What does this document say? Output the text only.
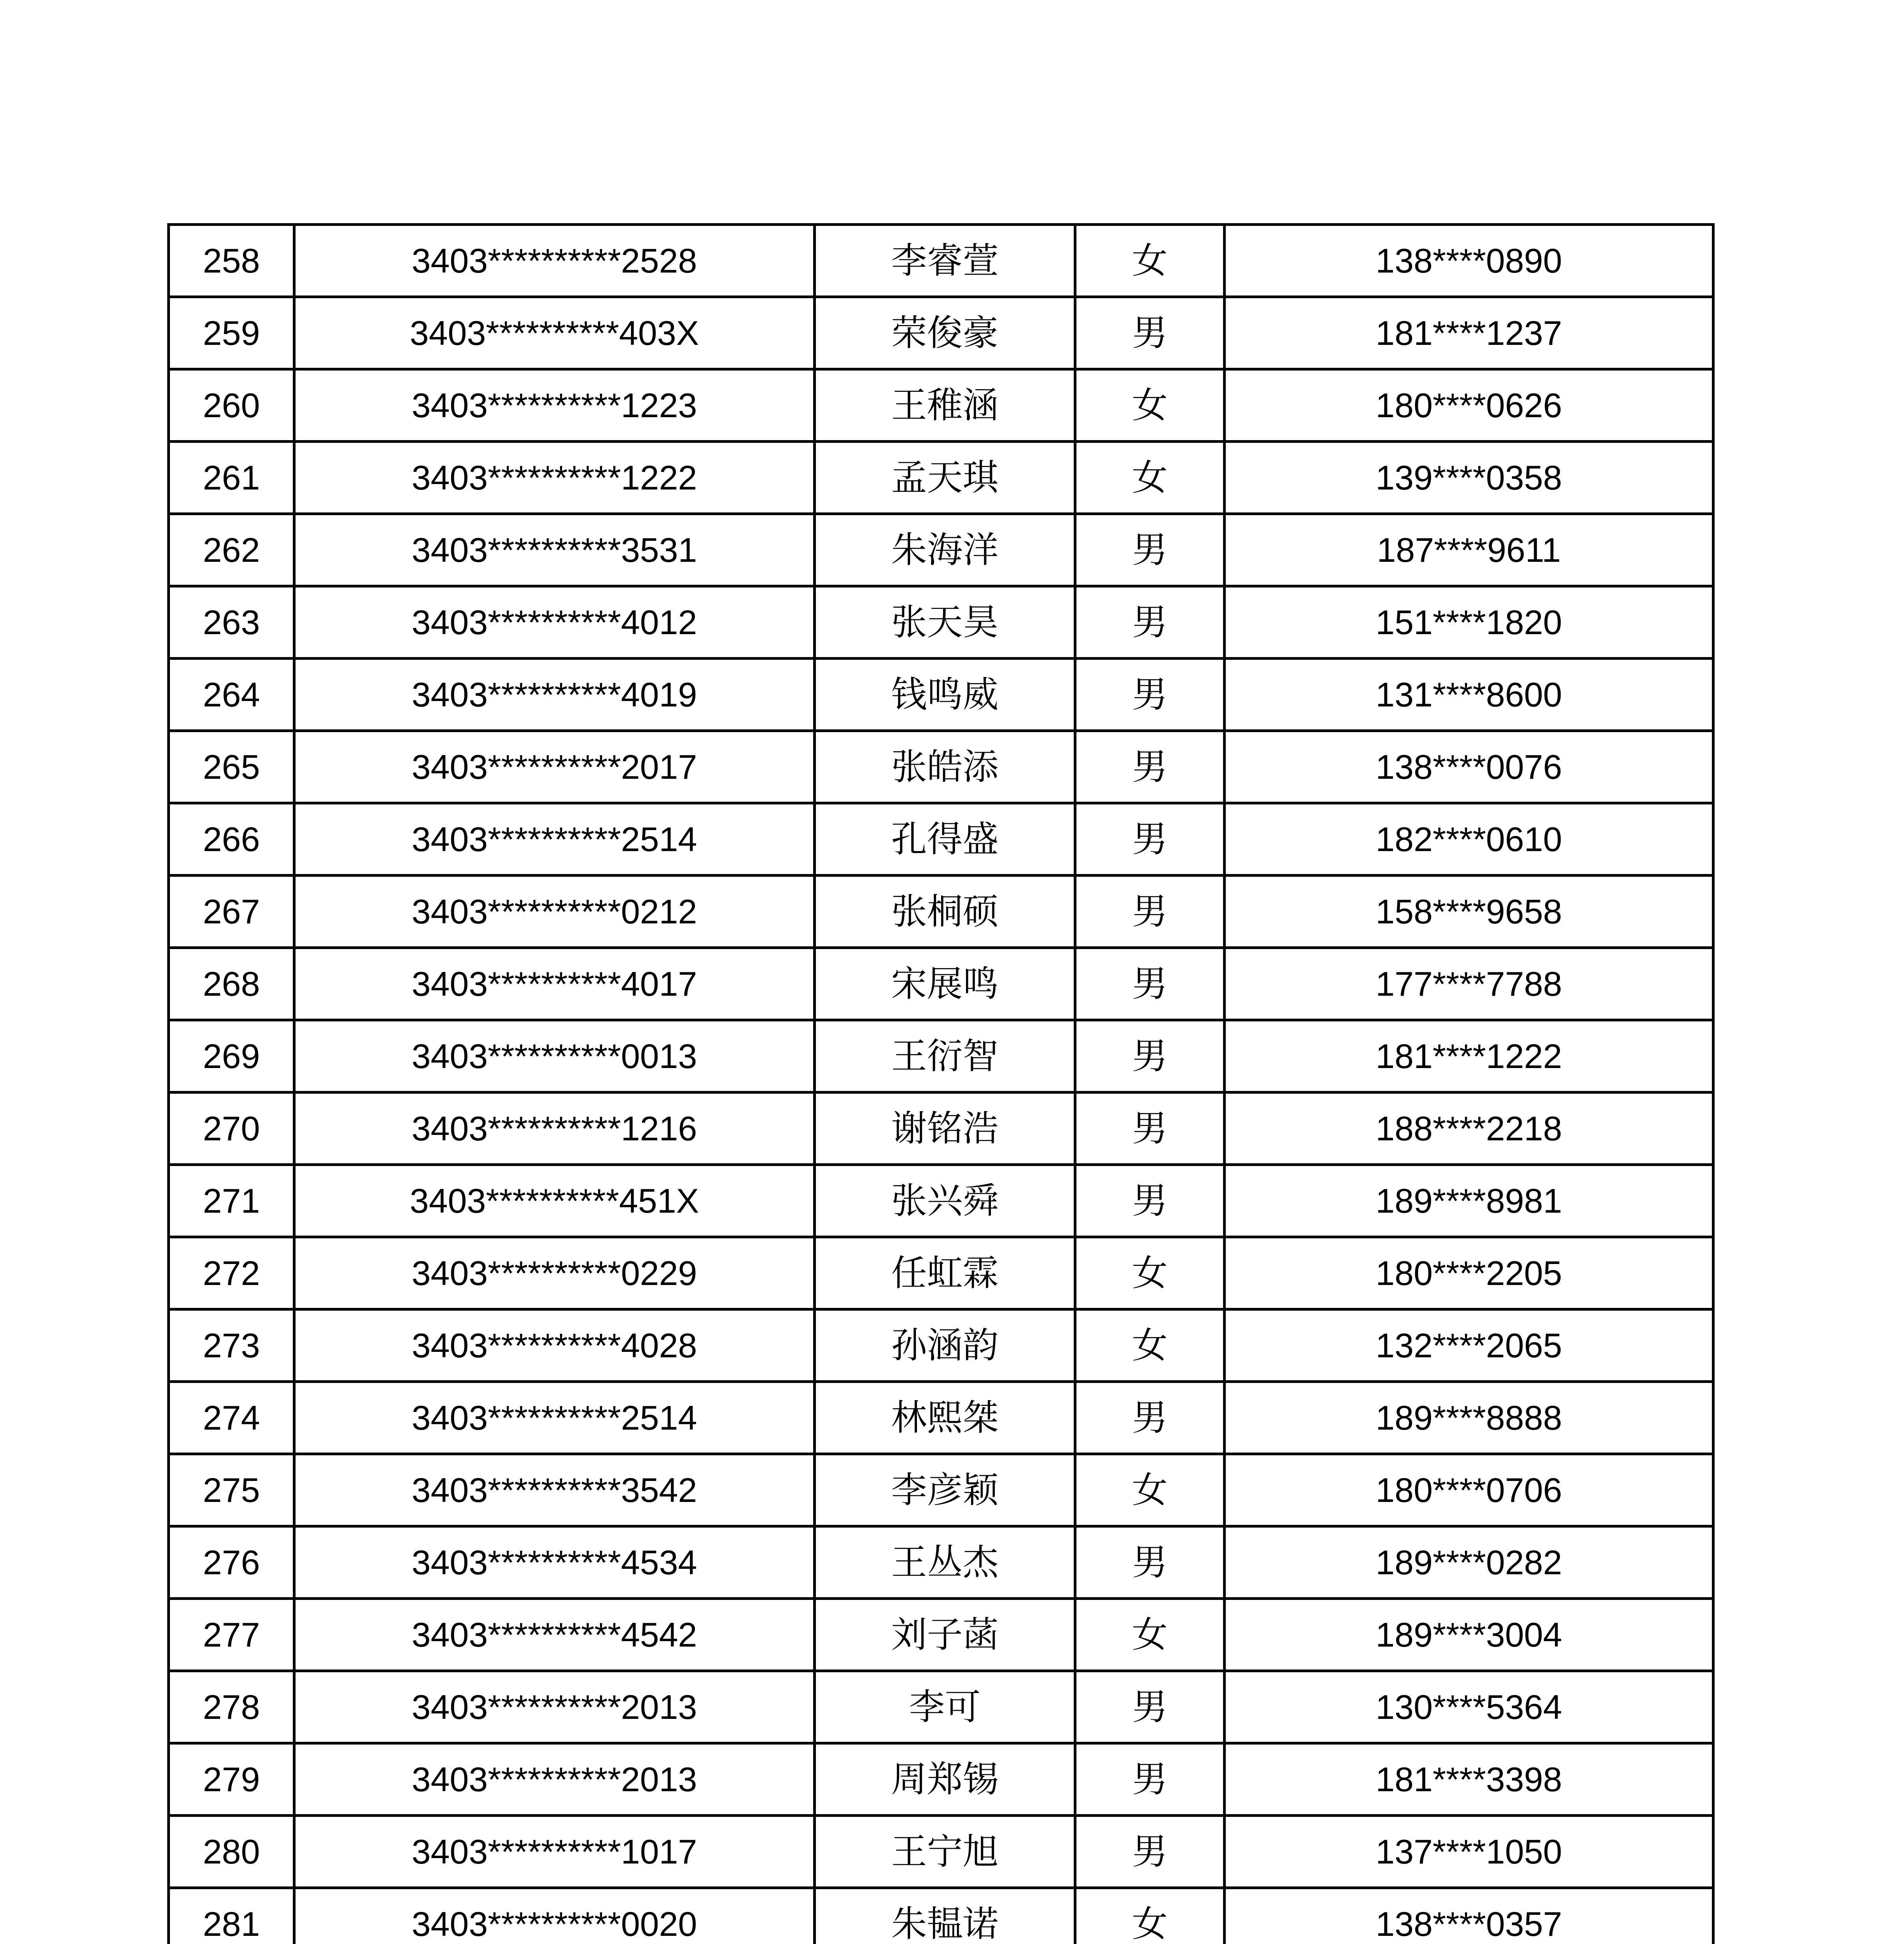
258	3403**********2528	李睿萱	女	138****0890
259	3403**********403X	荣俊豪	男	181****1237
260	3403**********1223	王稚涵	女	180****0626
261	3403**********1222	孟天琪	女	139****0358
262	3403**********3531	朱海洋	男	187****9611
263	3403**********4012	张天昊	男	151****1820
264	3403**********4019	钱鸣威	男	131****8600
265	3403**********2017	张皓添	男	138****0076
266	3403**********2514	孔得盛	男	182****0610
267	3403**********0212	张桐硕	男	158****9658
268	3403**********4017	宋展鸣	男	177****7788
269	3403**********0013	王衍智	男	181****1222
270	3403**********1216	谢铭浩	男	188****2218
271	3403**********451X	张兴舜	男	189****8981
272	3403**********0229	任虹霖	女	180****2205
273	3403**********4028	孙涵韵	女	132****2065
274	3403**********2514	林熙桀	男	189****8888
275	3403**********3542	李彦颖	女	180****0706
276	3403**********4534	王丛杰	男	189****0282
277	3403**********4542	刘子菡	女	189****3004
278	3403**********2013	李可	男	130****5364
279	3403**********2013	周郑锡	男	181****3398
280	3403**********1017	王宁旭	男	137****1050
281	3403**********0020	朱韫诺	女	138****0357
